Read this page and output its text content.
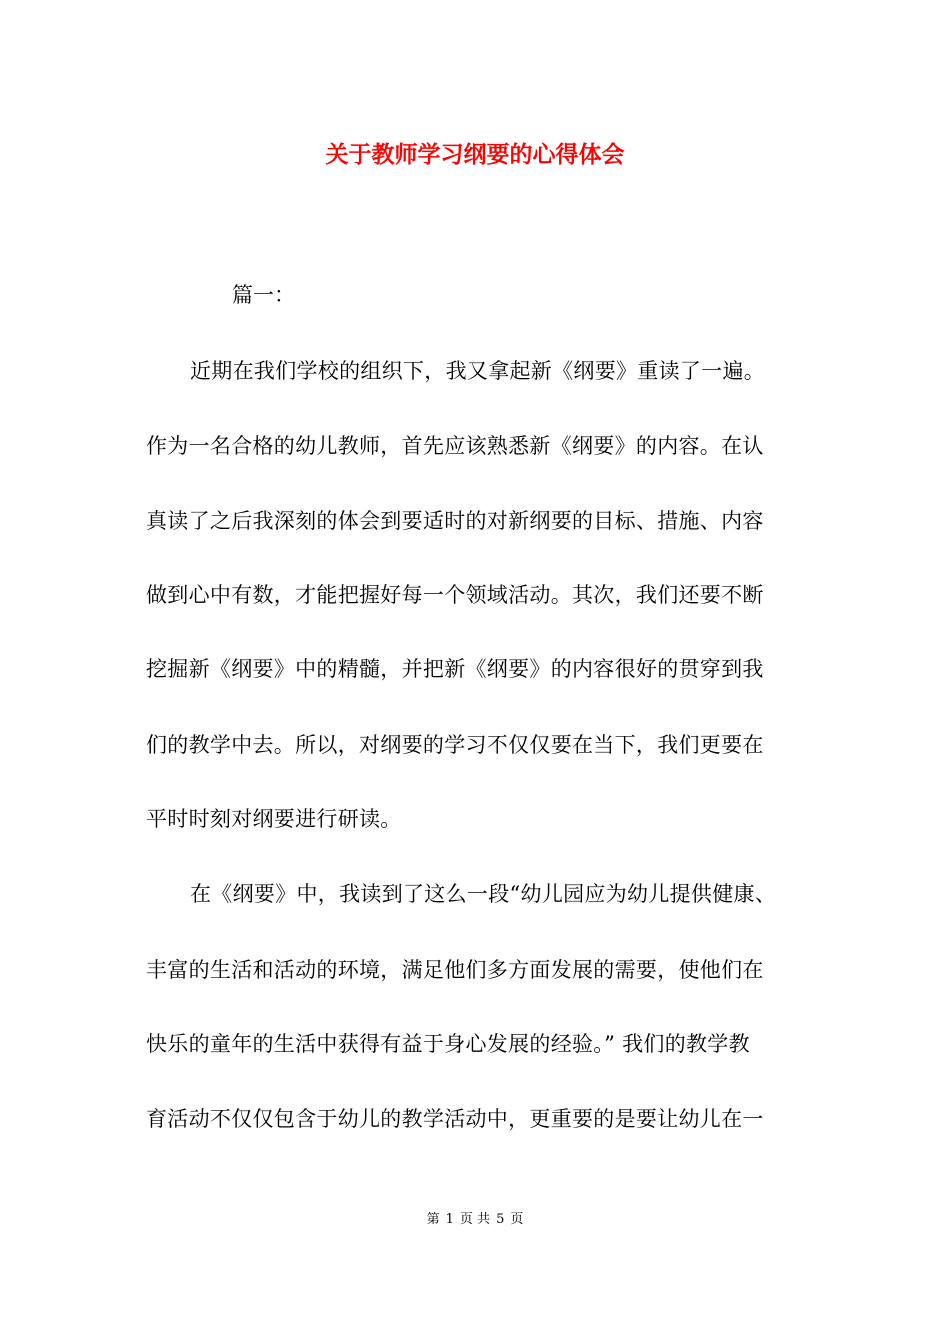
关于教师学习纲要的心得体会
篇一：
近期在我们学校的组织下，我又拿起新《纲要》重读了一遍。
作为一名合格的幼儿教师，首先应该熟悉新《纲要》的内容。在认
真读了之后我深刻的体会到要适时的对新纲要的目标、措施、内容
做到心中有数，才能把握好每一个领域活动。其次，我们还要不断
挖掘新《纲要》中的精髓，并把新《纲要》的内容很好的贯穿到我
们的教学中去。所以，对纲要的学习不仅仅要在当下，我们更要在
平时时刻对纲要进行研读。
在《纲要》中，我读到了这么一段“幼儿园应为幼儿提供健康、
丰富的生活和活动的环境，满足他们多方面发展的需要，使他们在
快乐的童年的生活中获得有益于身心发展的经验。” 我们的教学教
育活动不仅仅包含于幼儿的教学活动中，更重要的是要让幼儿在一
第 1 页 共 5 页
